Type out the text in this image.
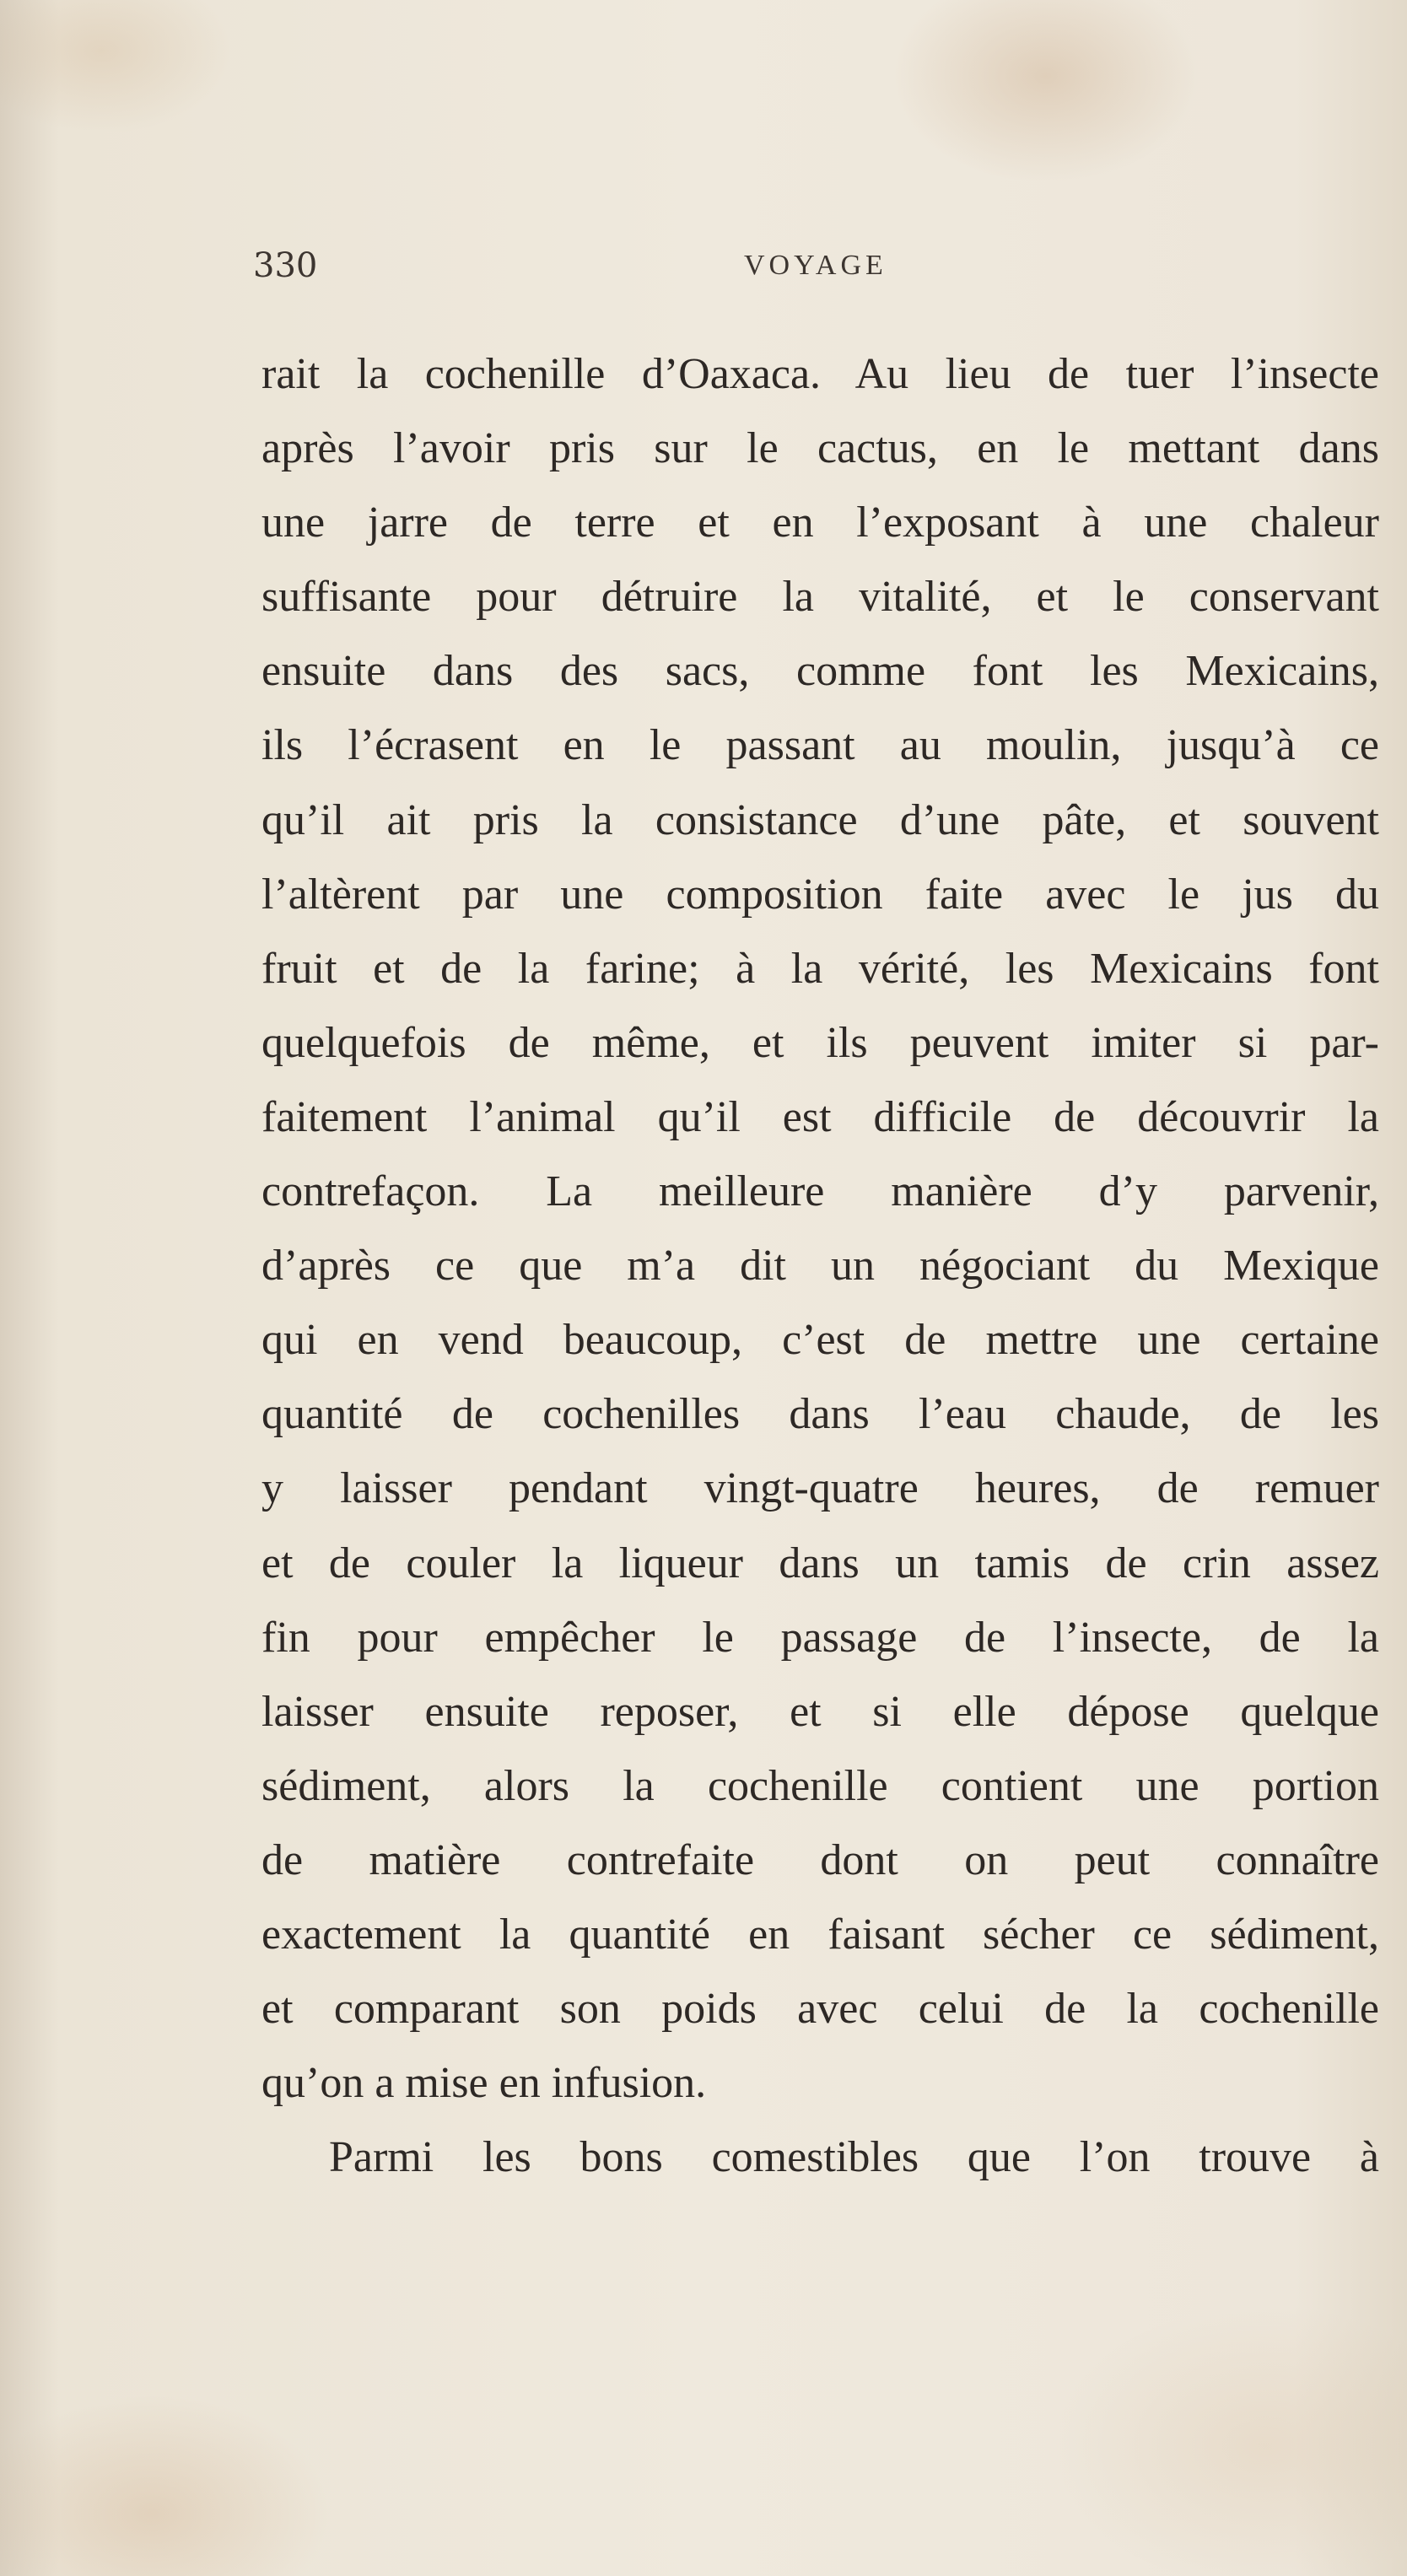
330	VOYAGE
rait la cochenille d’Oaxaca. Au lieu de tuer l’insecte
après l’avoir pris sur le cactus, en le mettant dans
une jarre de terre et en l’exposant à une chaleur
suffisante pour détruire la vitalité, et le conservant
ensuite dans des sacs, comme font les Mexicains,
ils l’écrasent en le passant au moulin, jusqu’à ce
qu’il ait pris la consistance d’une pâte, et souvent
l’altèrent par une composition faite avec le jus du
fruit et de la farine; à la vérité, les Mexicains font
quelquefois de même, et ils peuvent imiter si par-
faitement l’animal qu’il est difficile de découvrir la
contrefaçon. La meilleure manière d’y parvenir,
d’après ce que m’a dit un négociant du Mexique
qui en vend beaucoup, c’est de mettre une certaine
quantité de cochenilles dans l’eau chaude, de les
y laisser pendant vingt-quatre heures, de remuer
et de couler la liqueur dans un tamis de crin assez
fin pour empêcher le passage de l’insecte, de la
laisser ensuite reposer, et si elle dépose quelque
sédiment, alors la cochenille contient une portion
de matière contrefaite dont on peut connaître
exactement la quantité en faisant sécher ce sédiment,
et comparant son poids avec celui de la cochenille
qu’on a mise en infusion.
Parmi les bons comestibles que l’on trouve à
